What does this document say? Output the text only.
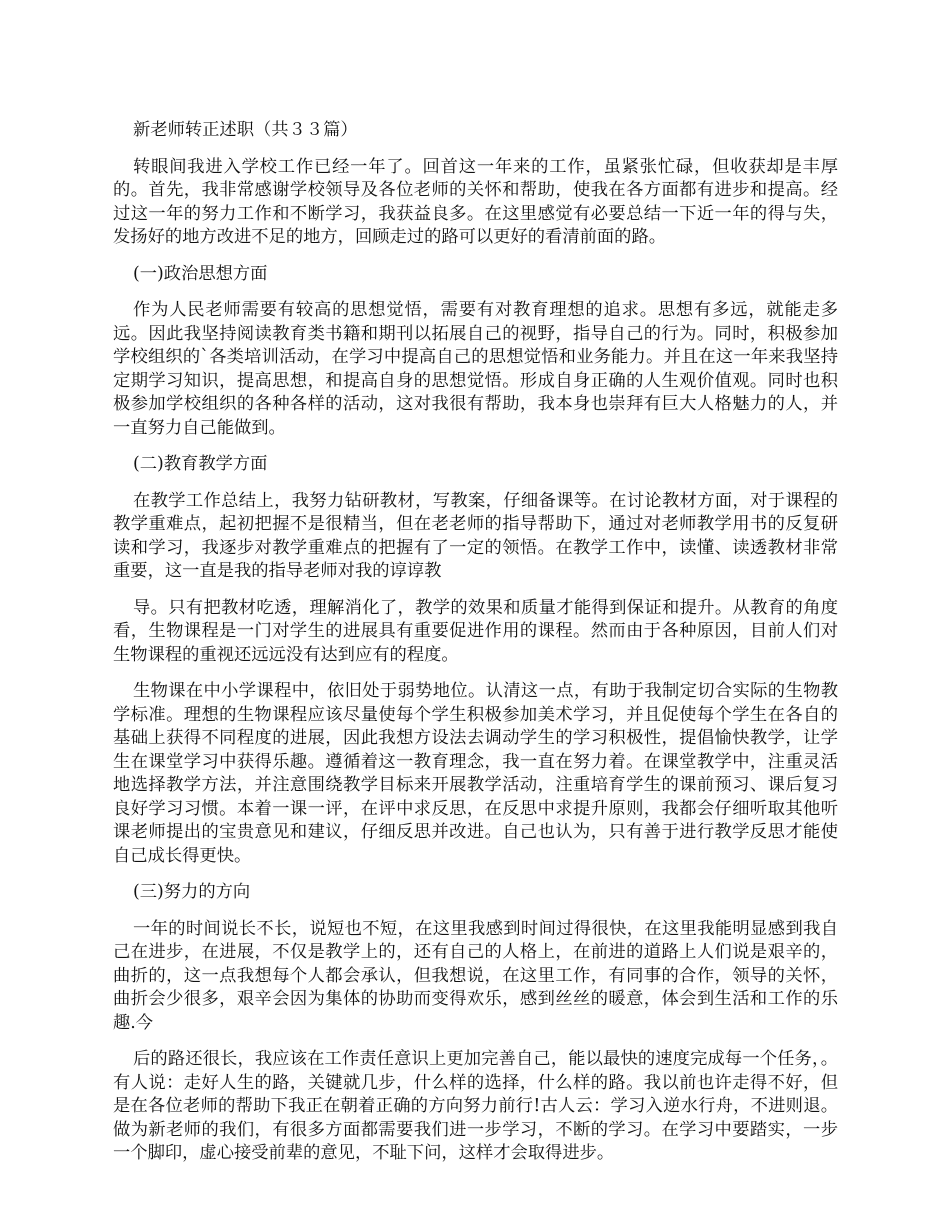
新老师转正述职（共３３篇）

转眼间我进入学校工作已经一年了。回首这一年来的工作，虽紧张忙碌，但收获却是丰厚的。首先，我非常感谢学校领导及各位老师的关怀和帮助，使我在各方面都有进步和提高。经过这一年的努力工作和不断学习，我获益良多。在这里感觉有必要总结一下近一年的得与失，发扬好的地方改进不足的地方，回顾走过的路可以更好的看清前面的路。

(一)政治思想方面

作为人民老师需要有较高的思想觉悟，需要有对教育理想的追求。思想有多远，就能走多远。因此我坚持阅读教育类书籍和期刊以拓展自己的视野，指导自己的行为。同时，积极参加学校组织的`各类培训活动，在学习中提高自己的思想觉悟和业务能力。并且在这一年来我坚持定期学习知识，提高思想，和提高自身的思想觉悟。形成自身正确的人生观价值观。同时也积极参加学校组织的各种各样的活动，这对我很有帮助，我本身也崇拜有巨大人格魅力的人，并一直努力自己能做到。

(二)教育教学方面

在教学工作总结上，我努力钻研教材，写教案，仔细备课等。在讨论教材方面，对于课程的教学重难点，起初把握不是很精当，但在老老师的指导帮助下，通过对老师教学用书的反复研读和学习，我逐步对教学重难点的把握有了一定的领悟。在教学工作中，读懂、读透教材非常重要，这一直是我的指导老师对我的谆谆教

导。只有把教材吃透，理解消化了，教学的效果和质量才能得到保证和提升。从教育的角度看，生物课程是一门对学生的进展具有重要促进作用的课程。然而由于各种原因，目前人们对生物课程的重视还远远没有达到应有的程度。

生物课在中小学课程中，依旧处于弱势地位。认清这一点，有助于我制定切合实际的生物教学标准。理想的生物课程应该尽量使每个学生积极参加美术学习，并且促使每个学生在各自的基础上获得不同程度的进展，因此我想方设法去调动学生的学习积极性，提倡愉快教学，让学生在课堂学习中获得乐趣。遵循着这一教育理念，我一直在努力着。在课堂教学中，注重灵活地选择教学方法，并注意围绕教学目标来开展教学活动，注重培育学生的课前预习、课后复习良好学习习惯。本着一课一评，在评中求反思，在反思中求提升原则，我都会仔细听取其他听课老师提出的宝贵意见和建议，仔细反思并改进。自己也认为，只有善于进行教学反思才能使自己成长得更快。

(三)努力的方向

一年的时间说长不长，说短也不短，在这里我感到时间过得很快，在这里我能明显感到我自己在进步，在进展，不仅是教学上的，还有自己的人格上，在前进的道路上人们说是艰辛的，曲折的，这一点我想每个人都会承认，但我想说，在这里工作，有同事的合作，领导的关怀，曲折会少很多，艰辛会因为集体的协助而变得欢乐，感到丝丝的暖意，体会到生活和工作的乐趣.今

后的路还很长，我应该在工作责任意识上更加完善自己，能以最快的速度完成每一个任务，。有人说：走好人生的路，关键就几步，什么样的选择，什么样的路。我以前也许走得不好，但是在各位老师的帮助下我正在朝着正确的方向努力前行!古人云：学习入逆水行舟，不进则退。做为新老师的我们，有很多方面都需要我们进一步学习，不断的学习。在学习中要踏实，一步一个脚印，虚心接受前辈的意见，不耻下问，这样才会取得进步。
